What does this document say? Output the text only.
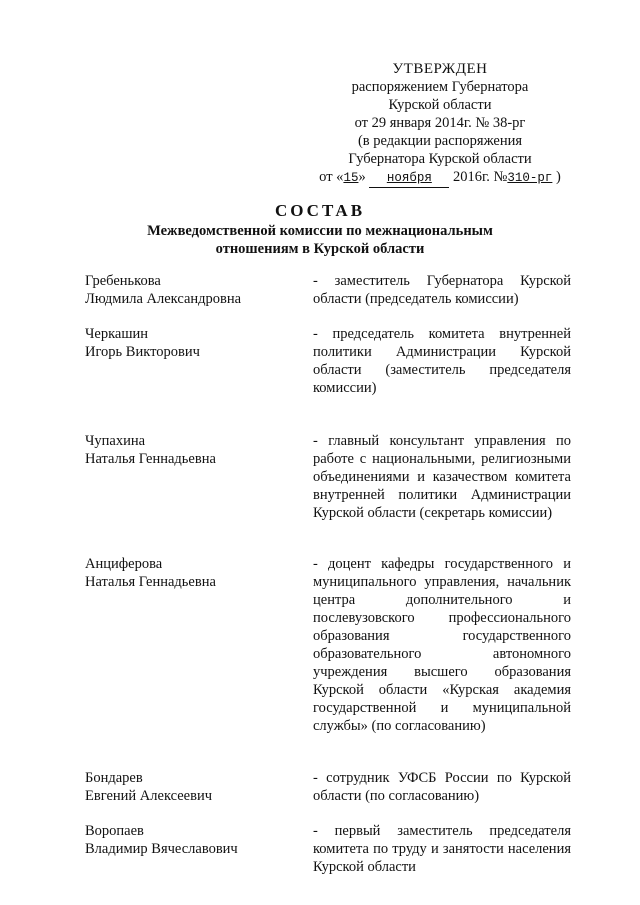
УТВЕРЖДЕН
распоряжением Губернатора
Курской области
от 29 января 2014г. № 38-рг
(в редакции распоряжения
Губернатора Курской области
от «15» ноября 2016г. №310-рг )
СОСТАВ
Межведомственной комиссии по межнациональным
отношениям в Курской области
Гребенькова
Людмила Александровна
- заместитель Губернатора Курской области (председатель комиссии)
Черкашин
Игорь Викторович
- председатель комитета внутренней политики Администрации Курской области (заместитель председателя комиссии)
Чупахина
Наталья Геннадьевна
- главный консультант управления по работе с национальными, религиозными объединениями и казачеством комитета внутренней политики Администрации Курской области (секретарь комиссии)
Анциферова
Наталья Геннадьевна
- доцент кафедры государственного и муниципального управления, начальник центра дополнительного и послевузовского профессионального образования государственного образовательного автономного учреждения высшего образования Курской области «Курская академия государственной и муниципальной службы» (по согласованию)
Бондарев
Евгений Алексеевич
- сотрудник УФСБ России по Курской области (по согласованию)
Воропаев
Владимир Вячеславович
- первый заместитель председателя комитета по труду и занятости населения Курской области
